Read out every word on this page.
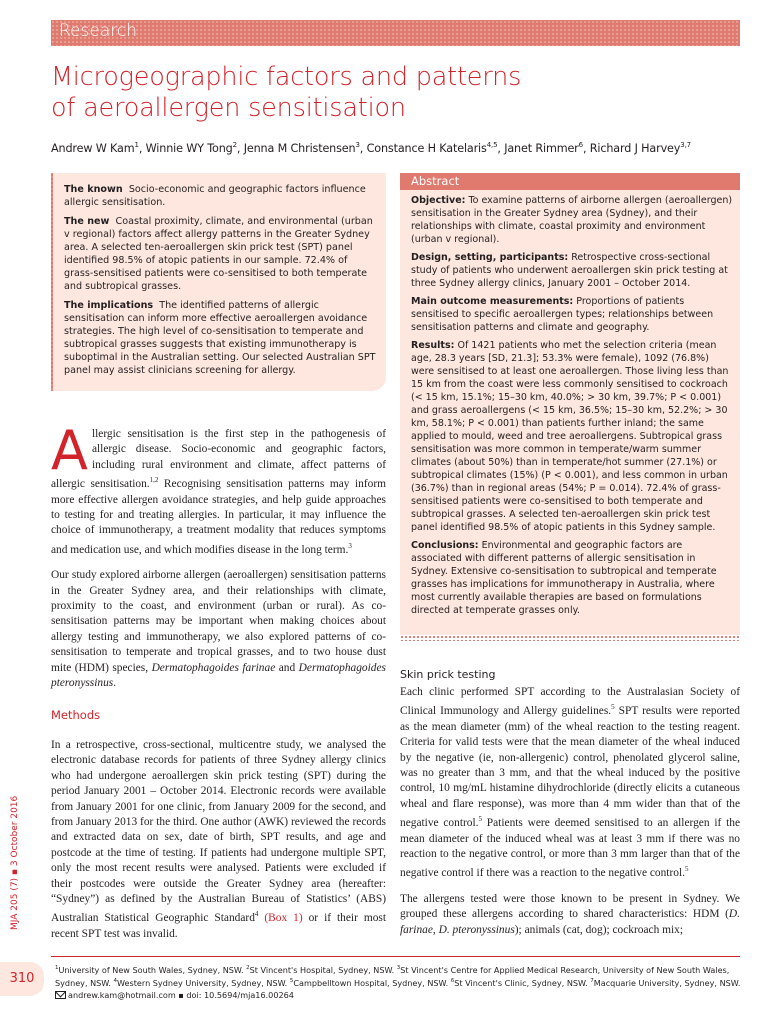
Research
Microgeographic factors and patterns
of aeroallergen sensitisation
Andrew W Kam$^1$, Winnie WY Tong$^2$, Jenna M Christensen$^3$, Constance H Katelaris$^{4,5}$, Janet Rimmer$^6$, Richard J Harvey$^{3,7}$

The known Socio-economic and geographic factors influence allergic sensitisation.

The new Coastal proximity, climate, and environmental (urban v regional) factors affect allergy patterns in the Greater Sydney area. A selected ten-aeroallergen skin prick test (SPT) panel identified 98.5% of atopic patients in our sample. 72.4% of grass-sensitised patients were co-sensitised to both temperate and subtropical grasses.

The implications The identified patterns of allergic sensitisation can inform more effective aeroallergen avoidance strategies. The high level of co-sensitisation to temperate and subtropical grasses suggests that existing immunotherapy is suboptimal in the Australian setting. Our selected Australian SPT panel may assist clinicians screening for allergy.

Abstract

Objective: To examine patterns of airborne allergen (aeroallergen) sensitisation in the Greater Sydney area (Sydney), and their relationships with climate, coastal proximity and environment (urban v regional).

Design, setting, participants: Retrospective cross-sectional study of patients who underwent aeroallergen skin prick testing at three Sydney allergy clinics, January 2001 – October 2014.

Main outcome measurements: Proportions of patients sensitised to specific aeroallergen types; relationships between sensitisation patterns and climate and geography.

Results: Of 1421 patients who met the selection criteria (mean age, 28.3 years [SD, 21.3]; 53.3% were female), 1092 (76.8%) were sensitised to at least one aeroallergen. Those living less than 15 km from the coast were less commonly sensitised to cockroach (< 15 km, 15.1%; 15–30 km, 40.0%; > 30 km, 39.7%; P < 0.001) and grass aeroallergens (< 15 km, 36.5%; 15–30 km, 52.2%; > 30 km, 58.1%; P < 0.001) than patients further inland; the same applied to mould, weed and tree aeroallergens. Subtropical grass sensitisation was more common in temperate/warm summer climates (about 50%) than in temperate/hot summer (27.1%) or subtropical climates (15%) (P < 0.001), and less common in urban (36.7%) than in regional areas (54%; P = 0.014). 72.4% of grass-sensitised patients were co-sensitised to both temperate and subtropical grasses. A selected ten-aeroallergen skin prick test panel identified 98.5% of atopic patients in this Sydney sample.

Conclusions: Environmental and geographic factors are associated with different patterns of allergic sensitisation in Sydney. Extensive co-sensitisation to subtropical and temperate grasses has implications for immunotherapy in Australia, where most currently available therapies are based on formulations directed at temperate grasses only.

Allergic sensitisation is the first step in the pathogenesis of allergic disease. Socio-economic and geographic factors, including rural environment and climate, affect patterns of allergic sensitisation.$^{1,2}$ Recognising sensitisation patterns may inform more effective allergen avoidance strategies, and help guide approaches to testing for and treating allergies. In particular, it may influence the choice of immunotherapy, a treatment modality that reduces symptoms and medication use, and which modifies disease in the long term.$^3$

Our study explored airborne allergen (aeroallergen) sensitisation patterns in the Greater Sydney area, and their relationships with climate, proximity to the coast, and environment (urban or rural). As co-sensitisation patterns may be important when making choices about allergy testing and immunotherapy, we also explored patterns of co-sensitisation to temperate and tropical grasses, and to two house dust mite (HDM) species, Dermatophagoides farinae and Dermatophagoides pteronyssinus.

Methods
In a retrospective, cross-sectional, multicentre study, we analysed the electronic database records for patients of three Sydney allergy clinics who had undergone aeroallergen skin prick testing (SPT) during the period January 2001 – October 2014. Electronic records were available from January 2001 for one clinic, from January 2009 for the second, and from January 2013 for the third. One author (AWK) reviewed the records and extracted data on sex, date of birth, SPT results, and age and postcode at the time of testing. If patients had undergone multiple SPT, only the most recent results were analysed. Patients were excluded if their postcodes were outside the Greater Sydney area (hereafter: “Sydney”) as defined by the Australian Bureau of Statistics’ (ABS) Australian Statistical Geographic Standard$^4$ (Box 1) or if their most recent SPT test was invalid.
Skin prick testing

Each clinic performed SPT according to the Australasian Society of Clinical Immunology and Allergy guidelines.$^5$ SPT results were reported as the mean diameter (mm) of the wheal reaction to the testing reagent. Criteria for valid tests were that the mean diameter of the wheal induced by the negative (ie, non-allergenic) control, phenolated glycerol saline, was no greater than 3 mm, and that the wheal induced by the positive control, 10 mg/mL histamine dihydrochloride (directly elicits a cutaneous wheal and flare response), was more than 4 mm wider than that of the negative control.$^5$ Patients were deemed sensitised to an allergen if the mean diameter of the induced wheal was at least 3 mm if there was no reaction to the negative control, or more than 3 mm larger than that of the negative control if there was a reaction to the negative control.$^5$

The allergens tested were those known to be present in Sydney. We grouped these allergens according to shared characteristics: HDM (D. farinae, D. pteronyssinus); animals (cat, dog); cockroach mix;

MJA 205 (7) ▪ 3 October 2016
310
$^1$University of New South Wales, Sydney, NSW. $^2$St Vincent's Hospital, Sydney, NSW. $^3$St Vincent's Centre for Applied Medical Research, University of New South Wales, Sydney, NSW. $^4$Western Sydney University, Sydney, NSW. $^5$Campbelltown Hospital, Sydney, NSW. $^6$St Vincent's Clinic, Sydney, NSW. $^7$Macquarie University, Sydney, NSW.
andrew.kam@hotmail.com ▪ doi: 10.5694/mja16.00264
